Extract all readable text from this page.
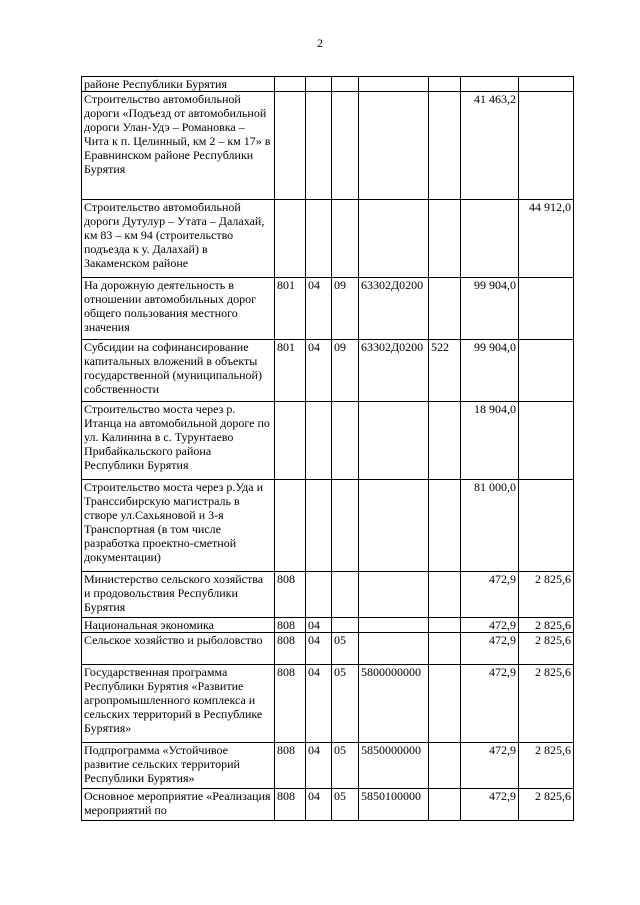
2
районе Республики Бурятия							
Строительство автомобильной дороги «Подъезд от автомобильной дороги Улан-Удэ – Романовка – Чита к п. Целинный, км 2 – км 17» в Еравнинском районе Республики Бурятия						41 463,2	
Строительство автомобильной дороги Дутулур – Утата – Далахай, км 83 – км 94 (строительство подъезда к у. Далахай) в Закаменском районе							44 912,0
На дорожную деятельность в отношении автомобильных дорог общего пользования местного значения	801	04	09	63302Д0200		99 904,0	
Субсидии на софинансирование капитальных вложений в объекты государственной (муниципальной) собственности	801	04	09	63302Д0200	522	99 904,0	
Строительство моста через р. Итанца на автомобильной дороге по ул. Калинина в с. Турунтаево Прибайкальского района Республики Бурятия						18 904,0	
Строительство моста через р.Уда и Транссибирскую магистраль в створе ул.Сахьяновой и 3-я Транспортная (в том числе разработка проектно-сметной документации)						81 000,0	
Министерство сельского хозяйства и продовольствия Республики Бурятия	808					472,9	2 825,6
Национальная экономика	808	04				472,9	2 825,6
Сельское хозяйство и рыболовство	808	04	05			472,9	2 825,6
Государственная программа Республики Бурятия «Развитие агропромышленного комплекса и сельских территорий в Республике Бурятия»	808	04	05	5800000000		472,9	2 825,6
Подпрограмма «Устойчивое развитие сельских территорий Республики Бурятия»	808	04	05	5850000000		472,9	2 825,6
Основное мероприятие «Реализация мероприятий по	808	04	05	5850100000		472,9	2 825,6
